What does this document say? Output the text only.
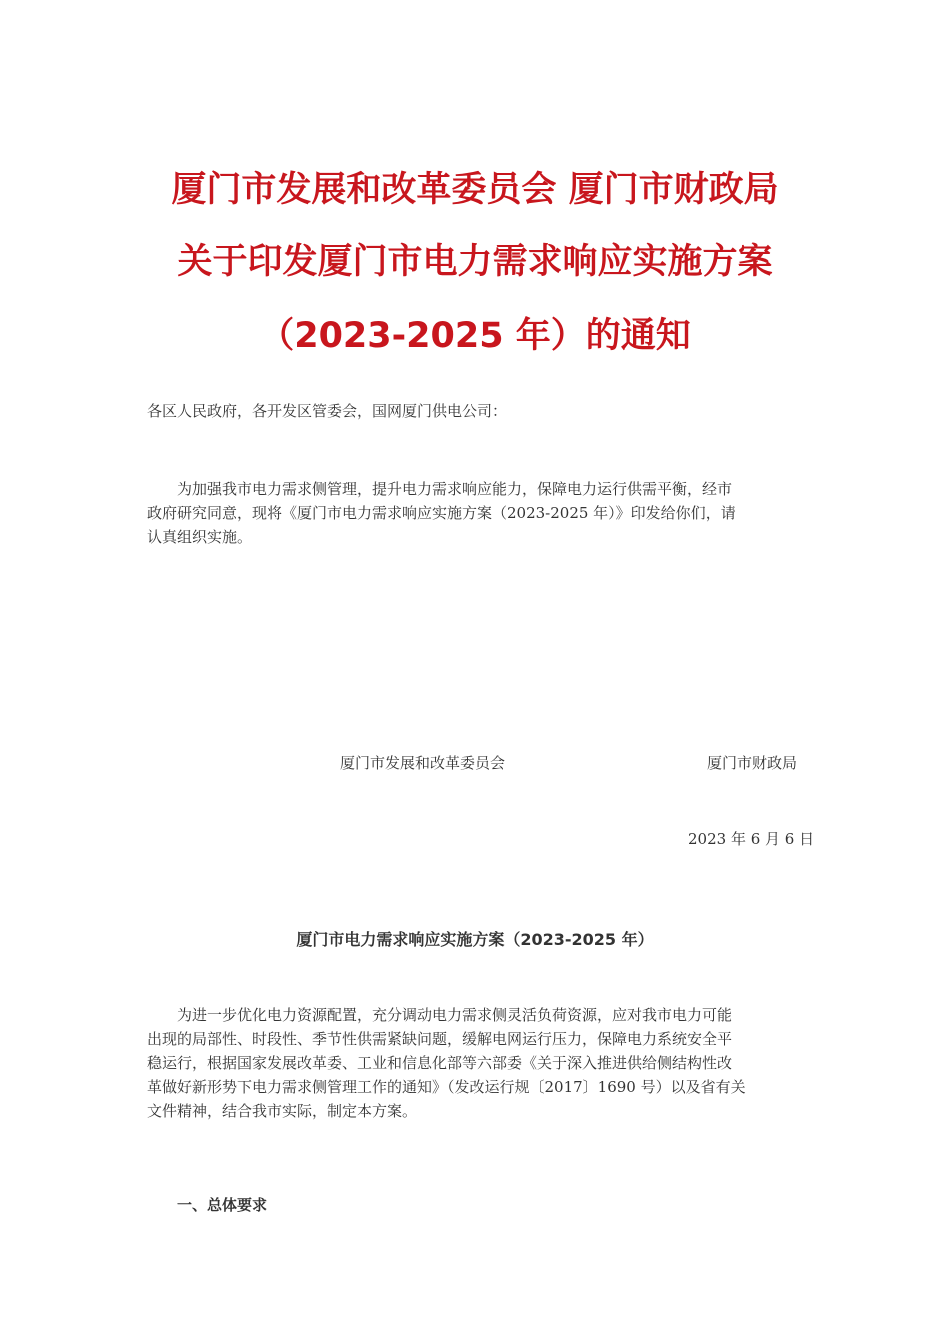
厦门市发展和改革委员会 厦门市财政局
关于印发厦门市电力需求响应实施方案
（2023-2025 年）的通知
各区人民政府，各开发区管委会，国网厦门供电公司：
为加强我市电力需求侧管理，提升电力需求响应能力，保障电力运行供需平衡，经市
政府研究同意，现将《厦门市电力需求响应实施方案（2023-2025 年）》印发给你们，请
认真组织实施。
厦门市发展和改革委员会	厦门市财政局
2023 年 6 月 6 日
厦门市电力需求响应实施方案（2023-2025 年）
为进一步优化电力资源配置，充分调动电力需求侧灵活负荷资源，应对我市电力可能
出现的局部性、时段性、季节性供需紧缺问题，缓解电网运行压力，保障电力系统安全平
稳运行，根据国家发展改革委、工业和信息化部等六部委《关于深入推进供给侧结构性改
革做好新形势下电力需求侧管理工作的通知》（发改运行规〔2017〕1690 号）以及省有关
文件精神，结合我市实际，制定本方案。
一、总体要求
